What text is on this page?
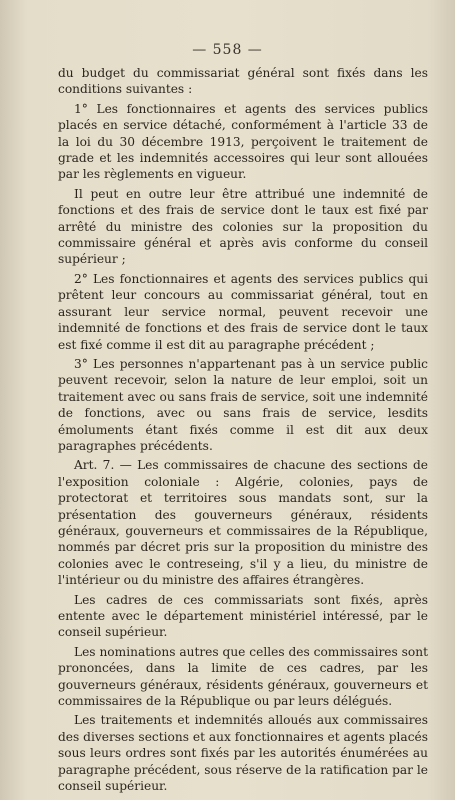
— 558 —

du budget du commissariat général sont fixés dans les conditions suivantes :

1° Les fonctionnaires et agents des services publics placés en service détaché, conformément à l'article 33 de la loi du 30 décembre 1913, perçoivent le traitement de grade et les indemnités accessoires qui leur sont allouées par les règlements en vigueur.

Il peut en outre leur être attribué une indemnité de fonctions et des frais de service dont le taux est fixé par arrêté du ministre des colonies sur la proposition du commissaire général et après avis conforme du conseil supérieur ;

2° Les fonctionnaires et agents des services publics qui prêtent leur concours au commissariat général, tout en assurant leur service normal, peuvent recevoir une indemnité de fonctions et des frais de service dont le taux est fixé comme il est dit au paragraphe précédent ;

3° Les personnes n'appartenant pas à un service public peuvent recevoir, selon la nature de leur emploi, soit un traitement avec ou sans frais de service, soit une indemnité de fonctions, avec ou sans frais de service, lesdits émoluments étant fixés comme il est dit aux deux paragraphes précédents.

Art. 7. — Les commissaires de chacune des sections de l'exposition coloniale : Algérie, colonies, pays de protectorat et territoires sous mandats sont, sur la présentation des gouverneurs généraux, résidents généraux, gouverneurs et commissaires de la République, nommés par décret pris sur la proposition du ministre des colonies avec le contreseing, s'il y a lieu, du ministre de l'intérieur ou du ministre des affaires étrangères.

Les cadres de ces commissariats sont fixés, après entente avec le département ministériel intéressé, par le conseil supérieur.

Les nominations autres que celles des commissaires sont prononcées, dans la limite de ces cadres, par les gouverneurs généraux, résidents généraux, gouverneurs et commissaires de la République ou par leurs délégués.

Les traitements et indemnités alloués aux commissaires des diverses sections et aux fonctionnaires et agents placés sous leurs ordres sont fixés par les autorités énumérées au paragraphe précédent, sous réserve de la ratification par le conseil supérieur.
